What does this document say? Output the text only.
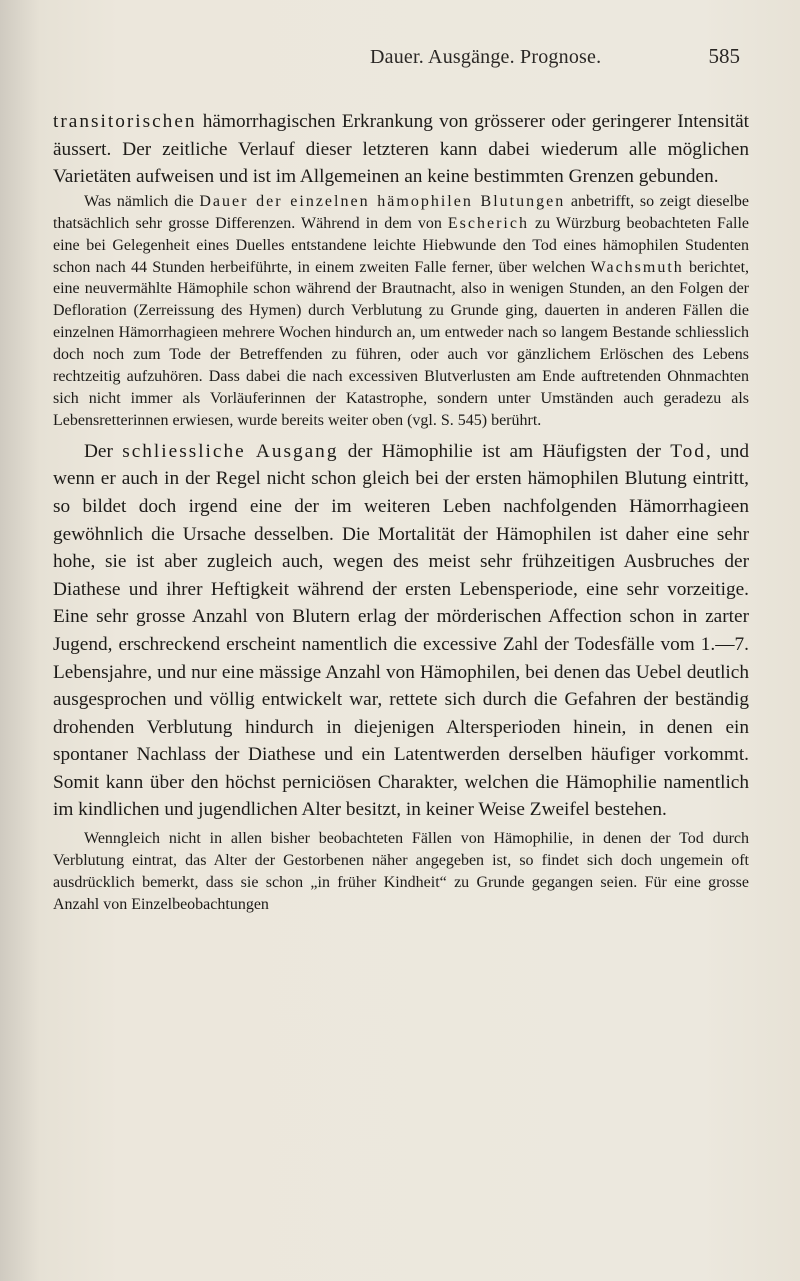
Dauer. Ausgänge. Prognose.	585

transitorischen hämorrhagischen Erkrankung von grösserer oder geringerer Intensität äussert. Der zeitliche Verlauf dieser letzteren kann dabei wiederum alle möglichen Varietäten aufweisen und ist im Allgemeinen an keine bestimmten Grenzen gebunden.

Was nämlich die Dauer der einzelnen hämophilen Blutungen anbetrifft, so zeigt dieselbe thatsächlich sehr grosse Differenzen. Während in dem von Escherich zu Würzburg beobachteten Falle eine bei Gelegenheit eines Duelles entstandene leichte Hiebwunde den Tod eines hämophilen Studenten schon nach 44 Stunden herbeiführte, in einem zweiten Falle ferner, über welchen Wachsmuth berichtet, eine neuvermählte Hämophile schon während der Brautnacht, also in wenigen Stunden, an den Folgen der Defloration (Zerreissung des Hymen) durch Verblutung zu Grunde ging, dauerten in anderen Fällen die einzelnen Hämorrhagieen mehrere Wochen hindurch an, um entweder nach so langem Bestande schliesslich doch noch zum Tode der Betreffenden zu führen, oder auch vor gänzlichem Erlöschen des Lebens rechtzeitig aufzuhören. Dass dabei die nach excessiven Blutverlusten am Ende auftretenden Ohnmachten sich nicht immer als Vorläuferinnen der Katastrophe, sondern unter Umständen auch geradezu als Lebensretterinnen erwiesen, wurde bereits weiter oben (vgl. S. 545) berührt.

Der schliessliche Ausgang der Hämophilie ist am Häufigsten der Tod, und wenn er auch in der Regel nicht schon gleich bei der ersten hämophilen Blutung eintritt, so bildet doch irgend eine der im weiteren Leben nachfolgenden Hämorrhagieen gewöhnlich die Ursache desselben. Die Mortalität der Hämophilen ist daher eine sehr hohe, sie ist aber zugleich auch, wegen des meist sehr frühzeitigen Ausbruches der Diathese und ihrer Heftigkeit während der ersten Lebensperiode, eine sehr vorzeitige. Eine sehr grosse Anzahl von Blutern erlag der mörderischen Affection schon in zarter Jugend, erschreckend erscheint namentlich die excessive Zahl der Todesfälle vom 1.—7. Lebensjahre, und nur eine mässige Anzahl von Hämophilen, bei denen das Uebel deutlich ausgesprochen und völlig entwickelt war, rettete sich durch die Gefahren der beständig drohenden Verblutung hindurch in diejenigen Altersperioden hinein, in denen ein spontaner Nachlass der Diathese und ein Latentwerden derselben häufiger vorkommt. Somit kann über den höchst perniciösen Charakter, welchen die Hämophilie namentlich im kindlichen und jugendlichen Alter besitzt, in keiner Weise Zweifel bestehen.

Wenngleich nicht in allen bisher beobachteten Fällen von Hämophilie, in denen der Tod durch Verblutung eintrat, das Alter der Gestorbenen näher angegeben ist, so findet sich doch ungemein oft ausdrücklich bemerkt, dass sie schon „in früher Kindheit“ zu Grunde gegangen seien. Für eine grosse Anzahl von Einzelbeobachtungen
